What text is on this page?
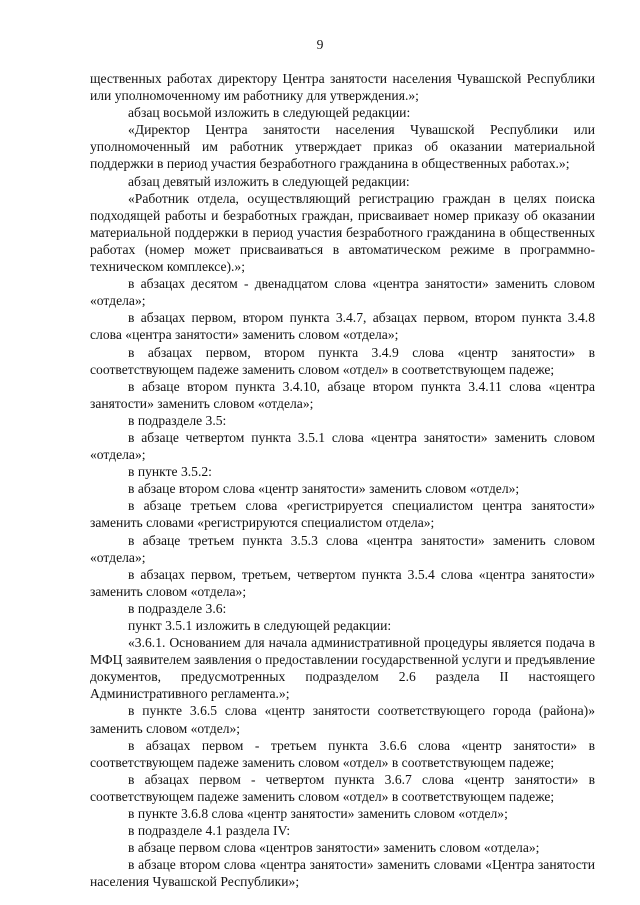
9

щественных работах директору Центра занятости населения Чувашской Республики или уполномоченному им работнику для утверждения.»;

абзац восьмой изложить в следующей редакции:

«Директор Центра занятости населения Чувашской Республики или уполномоченный им работник утверждает приказ об оказании материальной поддержки в период участия безработного гражданина в общественных работах.»;

абзац девятый изложить в следующей редакции:

«Работник отдела, осуществляющий регистрацию граждан в целях поиска подходящей работы и безработных граждан, присваивает номер приказу об оказании материальной поддержки в период участия безработного гражданина в общественных работах (номер может присваиваться в автоматическом режиме в программно-техническом комплексе).»;

в абзацах десятом - двенадцатом слова «центра занятости» заменить словом «отдела»;

в абзацах первом, втором пункта 3.4.7, абзацах первом, втором пункта 3.4.8 слова «центра занятости» заменить словом «отдела»;

в абзацах первом, втором пункта 3.4.9 слова «центр занятости» в соответствующем падеже заменить словом «отдел» в соответствующем падеже;

в абзаце втором пункта 3.4.10, абзаце втором пункта 3.4.11 слова «центра занятости» заменить словом «отдела»;

в подразделе 3.5:

в абзаце четвертом пункта 3.5.1 слова «центра занятости» заменить словом «отдела»;

в пункте 3.5.2:

в абзаце втором слова «центр занятости» заменить словом «отдел»;

в абзаце третьем слова «регистрируется специалистом центра занятости» заменить словами «регистрируются специалистом отдела»;

в абзаце третьем пункта 3.5.3 слова «центра занятости» заменить словом «отдела»;

в абзацах первом, третьем, четвертом пункта 3.5.4 слова «центра занятости» заменить словом «отдела»;

в подразделе 3.6:

пункт 3.5.1 изложить в следующей редакции:

«3.6.1. Основанием для начала административной процедуры является подача в МФЦ заявителем заявления о предоставлении государственной услуги и предъявление документов, предусмотренных подразделом 2.6 раздела II настоящего Административного регламента.»;

в пункте 3.6.5 слова «центр занятости соответствующего города (района)» заменить словом «отдел»;

в абзацах первом - третьем пункта 3.6.6 слова «центр занятости» в соответствующем падеже заменить словом «отдел» в соответствующем падеже;

в абзацах первом - четвертом пункта 3.6.7 слова «центр занятости» в соответствующем падеже заменить словом «отдел» в соответствующем падеже;

в пункте 3.6.8 слова «центр занятости» заменить словом «отдел»;

в подразделе 4.1 раздела IV:

в абзаце первом слова «центров занятости» заменить словом «отдела»;

в абзаце втором слова «центра занятости» заменить словами «Центра занятости населения Чувашской Республики»;
